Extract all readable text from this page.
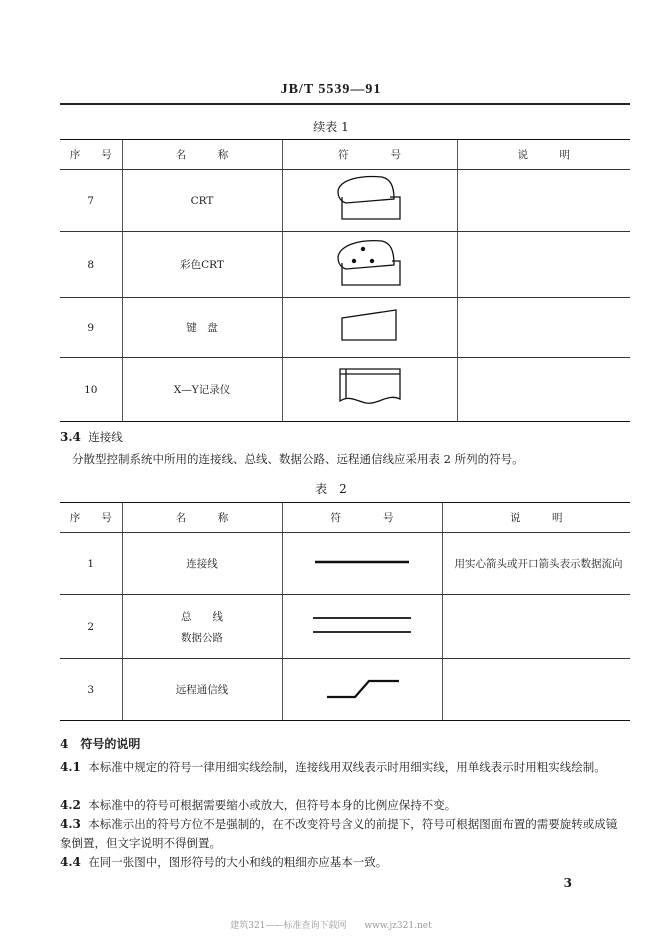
JB/T 5539—91
续表 1
序　　号	名　　　称	符　　　　号	说　　　明
7	CRT		
8	彩色CRT		
9	键　盘		
10	X—Y记录仪		
3.4 连接线
分散型控制系统中所用的连接线、总线、数据公路、远程通信线应采用表 2 所列的符号。
表　2
序　　号	名　　　称	符　　　　号	说　　　明
1	连接线		用实心箭头或开口箭头表示数据流向
2	总　　线
数据公路

3	远程通信线		
4　符号的说明
4.1 本标准中规定的符号一律用细实线绘制，连接线用双线表示时用细实线，用单线表示时用粗实线绘制。
4.2 本标准中的符号可根据需要缩小或放大，但符号本身的比例应保持不变。
4.3 本标准示出的符号方位不是强制的，在不改变符号含义的前提下，符号可根据图面布置的需要旋转或成镜象倒置，但文字说明不得倒置。
4.4 在同一张图中，图形符号的大小和线的粗细亦应基本一致。
3
建筑321——标准查询下载网　　www.jz321.net
